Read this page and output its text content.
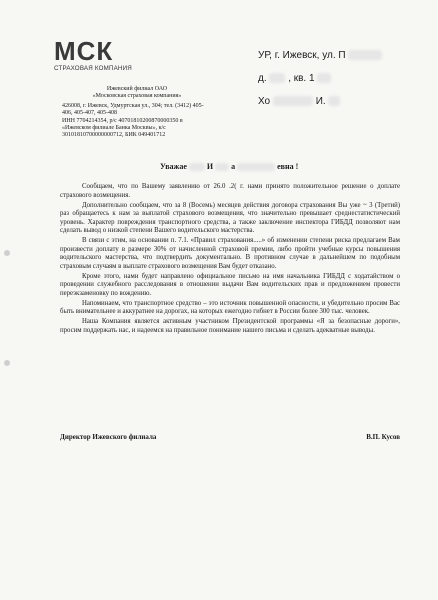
МСК
СТРАХОВАЯ КОМПАНИЯ
Ижевский филиал ОАО
«Московская страховая компания»
426008, г. Ижевск, Удмуртская ул., 304; тел. (3412) 405-406, 405-407, 405-408
ИНН 7704214354, р/с 40701810200870000350 в «Ижевском филиале Банка Москвы», к/с 30101810700000000712, БИК 049401712
УР, г. Ижевск, ул. П
д. , кв. 1
Хо	И.
Уважае	И а	евна !

Сообщаем, что по Вашему заявлению от 26.0 .2( г. нами принято положительное решение о доплате страхового возмещения.

Дополнительно сообщаем, что за 8 (Восемь) месяцев действия договора страхования Вы уже ~ 3 (Третий) раз обращаетесь к нам за выплатой страхового возмещения, что значительно превышает среднестатистический уровень. Характер повреждения транспортного средства, а также заключение инспектора ГИБДД позволяют нам сделать вывод о низкой степени Вашего водительского мастерства.

В связи с этим, на основании п. 7.1. «Правил страхования.....» об изменении степени риска предлагаем Вам произвести доплату в размере 30% от начисленной страховой премии, либо пройти учебные курсы повышения водительского мастерства, что подтвердить документально. В противном случае в дальнейшем по подобным страховым случаям в выплате страхового возмещения Вам будет отказано.

Кроме этого, нами будет направлено официальное письмо на имя начальника ГИБДД с ходатайством о проведении служебного расследования в отношении выдачи Вам водительских прав и предложением провести переэкзаменовку по вождению.

Напоминаем, что транспортное средство – это источник повышенной опасности, и убедительно просим Вас быть внимательнее и аккуратнее на дорогах, на которых ежегодно гибнет в России более 300 тыс. человек.

Наша Компания является активным участником Президентской программы «Я за безопасные дороги», просим поддержать нас, и надеемся на правильное понимание нашего письма и сделать адекватные выводы.

Директор Ижевского филиала	В.П. Кусов
